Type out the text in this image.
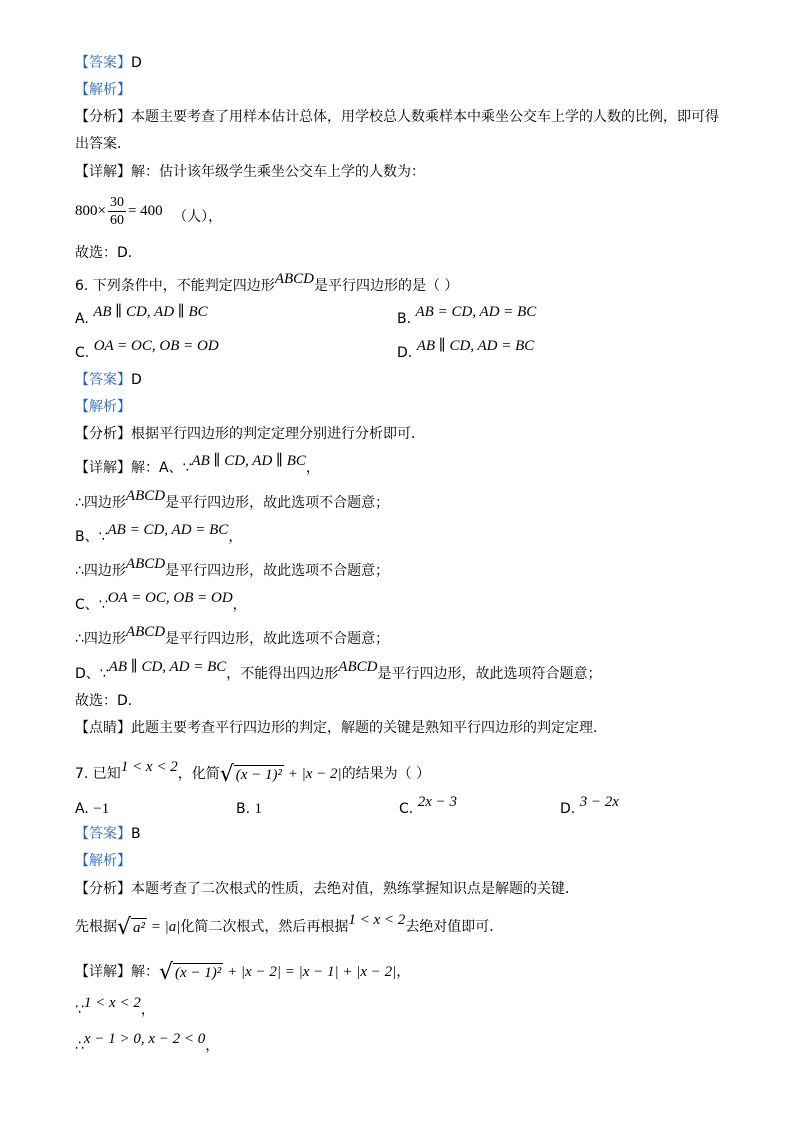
【答案】D
【解析】
【分析】本题主要考查了用样本估计总体，用学校总人数乘样本中乘坐公交车上学的人数的比例，即可得
出答案．
【详解】解：估计该年级学生乘坐公交车上学的人数为：
$800\times \frac{30}{60} = 400$ （人），
故选：D．
6. 下列条件中，不能判定四边形ABCD是平行四边形的是（ ）
A. AB ∥ CD, AD ∥ BC	B. AB = CD, AD = BC
C. OA = OC, OB = OD	D. AB ∥ CD, AD = BC
【答案】D
【解析】
【分析】根据平行四边形的判定定理分别进行分析即可．
【详解】解：A、∵AB ∥ CD, AD ∥ BC，
∴四边形ABCD是平行四边形，故此选项不合题意；
B、∵AB = CD, AD = BC，
∴四边形ABCD是平行四边形，故此选项不合题意；
C、∵OA = OC, OB = OD，
∴四边形ABCD是平行四边形，故此选项不合题意；
D、∵AB ∥ CD, AD = BC，不能得出四边形ABCD是平行四边形，故此选项符合题意；
故选：D．
【点睛】此题主要考查平行四边形的判定，解题的关键是熟知平行四边形的判定定理．
7. 已知1 < x < 2，化简√ (x − 1)² + |x − 2|的结果为（ ）
A. −1	B. 1	C. 2x − 3	D. 3 − 2x
【答案】B
【解析】
【分析】本题考查了二次根式的性质，去绝对值，熟练掌握知识点是解题的关键．
先根据√ a² = |a|化简二次根式，然后再根据1 < x < 2去绝对值即可．
【详解】解：√ (x − 1)² + |x − 2| = |x − 1| + |x − 2|，
∵1 < x < 2，
∴x − 1 > 0, x − 2 < 0，
